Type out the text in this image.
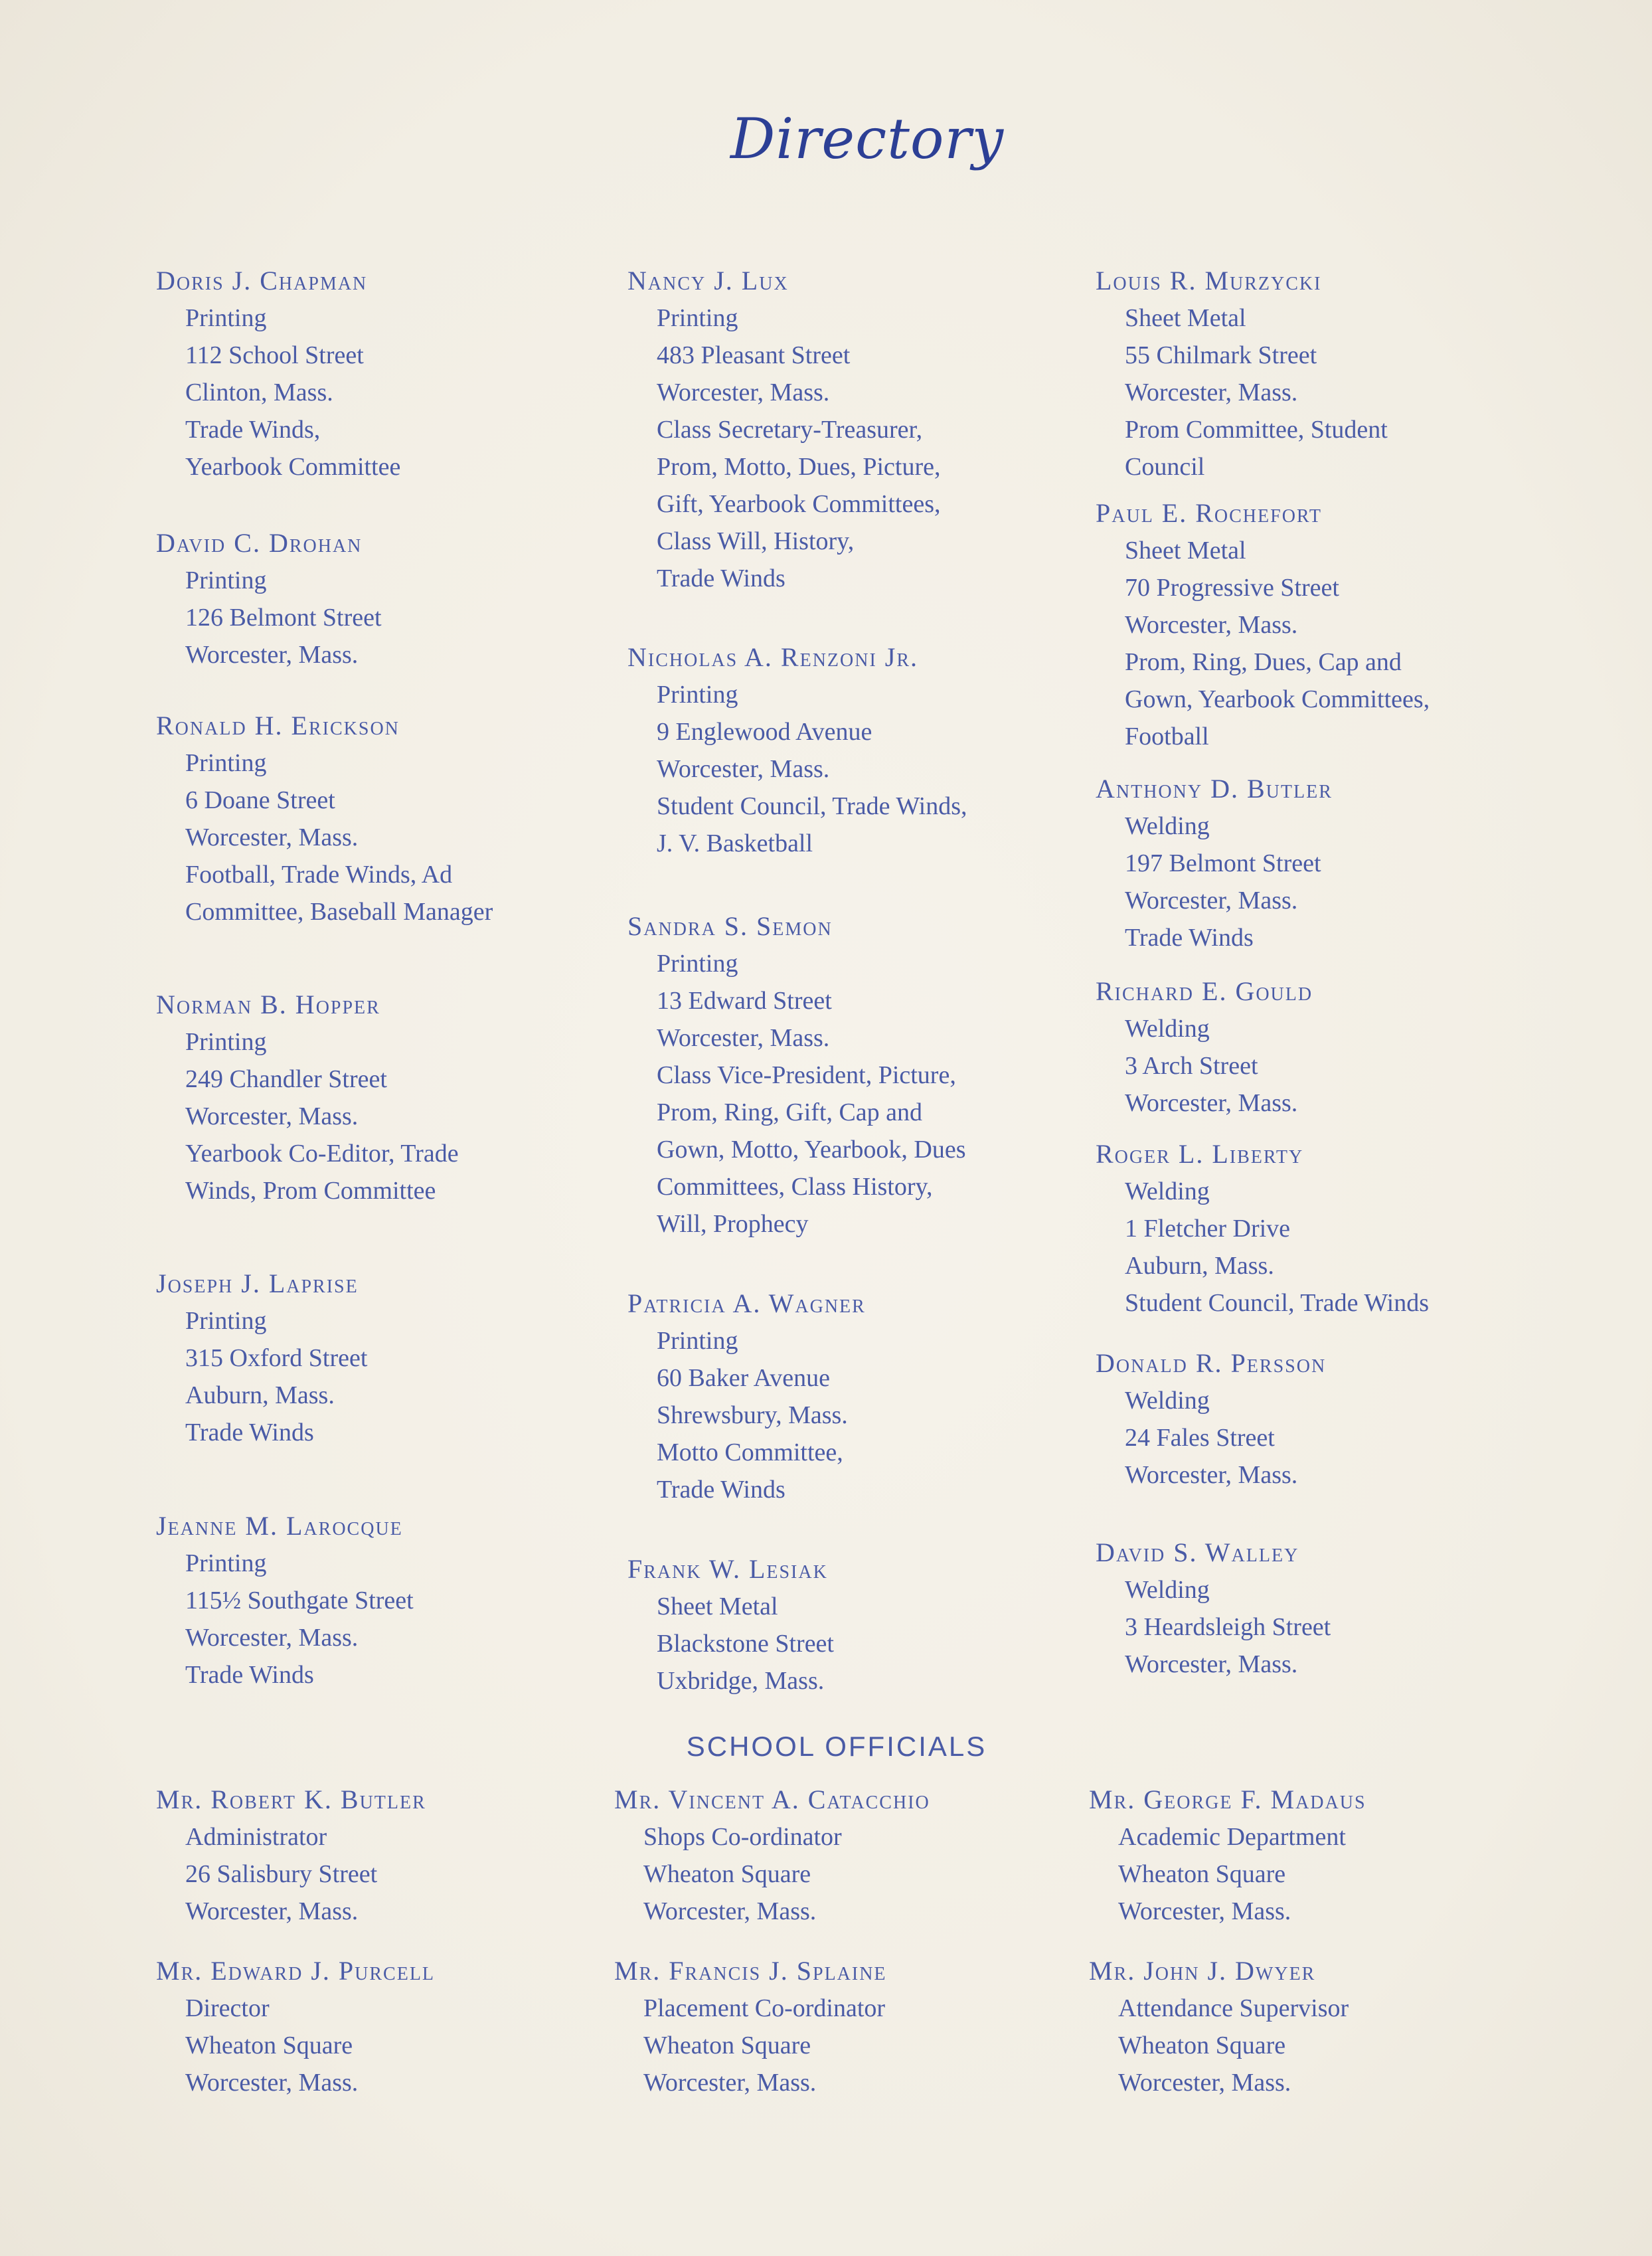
Directory
Doris J. Chapman
Printing
112 School Street
Clinton, Mass.
Trade Winds,
Yearbook Committee
David C. Drohan
Printing
126 Belmont Street
Worcester, Mass.
Ronald H. Erickson
Printing
6 Doane Street
Worcester, Mass.
Football, Trade Winds, Ad
Committee, Baseball Manager
Norman B. Hopper
Printing
249 Chandler Street
Worcester, Mass.
Yearbook Co-Editor, Trade
Winds, Prom Committee
Joseph J. Laprise
Printing
315 Oxford Street
Auburn, Mass.
Trade Winds
Jeanne M. Larocque
Printing
115½ Southgate Street
Worcester, Mass.
Trade Winds
Nancy J. Lux
Printing
483 Pleasant Street
Worcester, Mass.
Class Secretary-Treasurer,
Prom, Motto, Dues, Picture,
Gift, Yearbook Committees,
Class Will, History,
Trade Winds
Nicholas A. Renzoni Jr.
Printing
9 Englewood Avenue
Worcester, Mass.
Student Council, Trade Winds,
J. V. Basketball
Sandra S. Semon
Printing
13 Edward Street
Worcester, Mass.
Class Vice-President, Picture,
Prom, Ring, Gift, Cap and
Gown, Motto, Yearbook, Dues
Committees, Class History,
Will, Prophecy
Patricia A. Wagner
Printing
60 Baker Avenue
Shrewsbury, Mass.
Motto Committee,
Trade Winds
Frank W. Lesiak
Sheet Metal
Blackstone Street
Uxbridge, Mass.
Louis R. Murzycki
Sheet Metal
55 Chilmark Street
Worcester, Mass.
Prom Committee, Student
Council
Paul E. Rochefort
Sheet Metal
70 Progressive Street
Worcester, Mass.
Prom, Ring, Dues, Cap and
Gown, Yearbook Committees,
Football
Anthony D. Butler
Welding
197 Belmont Street
Worcester, Mass.
Trade Winds
Richard E. Gould
Welding
3 Arch Street
Worcester, Mass.
Roger L. Liberty
Welding
1 Fletcher Drive
Auburn, Mass.
Student Council, Trade Winds
Donald R. Persson
Welding
24 Fales Street
Worcester, Mass.
David S. Walley
Welding
3 Heardsleigh Street
Worcester, Mass.
SCHOOL OFFICIALS
Mr. Robert K. Butler
Administrator
26 Salisbury Street
Worcester, Mass.
Mr. Edward J. Purcell
Director
Wheaton Square
Worcester, Mass.
Mr. Vincent A. Catacchio
Shops Co-ordinator
Wheaton Square
Worcester, Mass.
Mr. Francis J. Splaine
Placement Co-ordinator
Wheaton Square
Worcester, Mass.
Mr. George F. Madaus
Academic Department
Wheaton Square
Worcester, Mass.
Mr. John J. Dwyer
Attendance Supervisor
Wheaton Square
Worcester, Mass.
